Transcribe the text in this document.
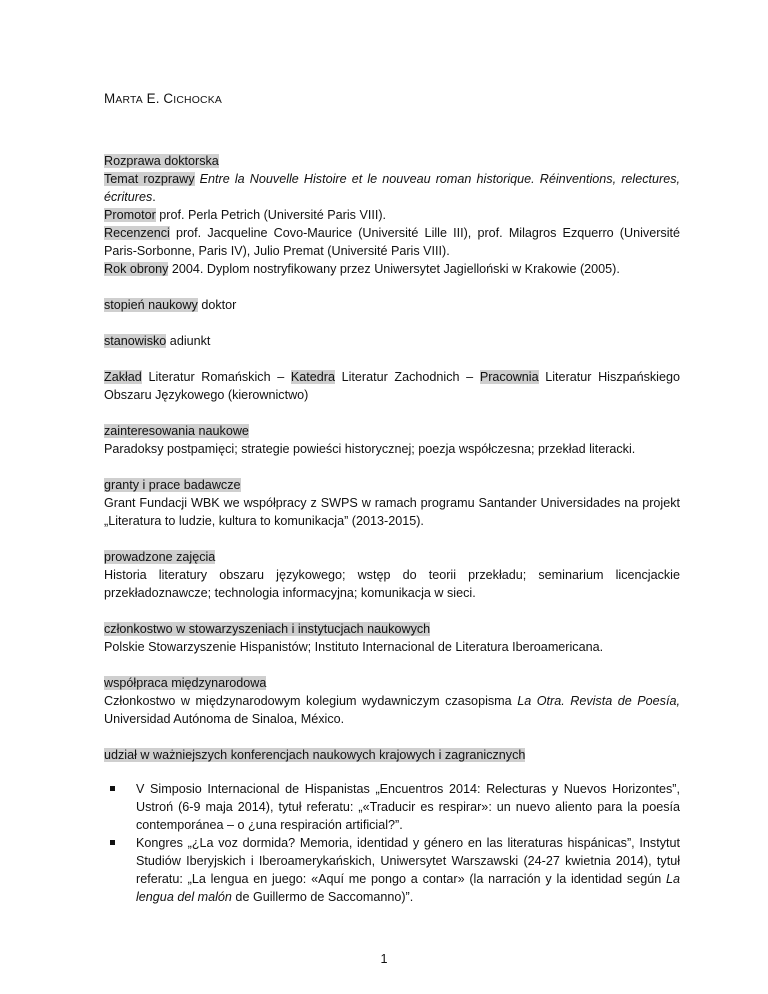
MARTA E. CICHOCKA

Rozprawa doktorska

Temat rozprawy Entre la Nouvelle Histoire et le nouveau roman historique. Réinventions, relectures, écritures.

Promotor prof. Perla Petrich (Université Paris VIII).

Recenzenci prof. Jacqueline Covo-Maurice (Université Lille III), prof. Milagros Ezquerro (Université Paris-Sorbonne, Paris IV), Julio Premat (Université Paris VIII).

Rok obrony 2004. Dyplom nostryfikowany przez Uniwersytet Jagielloński w Krakowie (2005).

stopień naukowy doktor

stanowisko adiunkt

Zakład Literatur Romańskich – Katedra Literatur Zachodnich – Pracownia Literatur Hiszpańskiego Obszaru Językowego (kierownictwo)

zainteresowania naukowe

Paradoksy postpamięci; strategie powieści historycznej; poezja współczesna; przekład literacki.

granty i prace badawcze

Grant Fundacji WBK we współpracy z SWPS w ramach programu Santander Universidades na projekt „Literatura to ludzie, kultura to komunikacja” (2013-2015).

prowadzone zajęcia

Historia literatury obszaru językowego; wstęp do teorii przekładu; seminarium licencjackie przekładoznawcze; technologia informacyjna; komunikacja w sieci.

członkostwo w stowarzyszeniach i instytucjach naukowych

Polskie Stowarzyszenie Hispanistów; Instituto Internacional de Literatura Iberoamericana.

współpraca międzynarodowa

Członkostwo w międzynarodowym kolegium wydawniczym czasopisma La Otra. Revista de Poesía, Universidad Autónoma de Sinaloa, México.

udział w ważniejszych konferencjach naukowych krajowych i zagranicznych

V Simposio Internacional de Hispanistas „Encuentros 2014: Relecturas y Nuevos Horizontes”, Ustroń (6-9 maja 2014), tytuł referatu: „«Traducir es respirar»: un nuevo aliento para la poesía contemporánea – o ¿una respiración artificial?”.
Kongres „¿La voz dormida? Memoria, identidad y género en las literaturas hispánicas”, Instytut Studiów Iberyjskich i Iberoamerykańskich, Uniwersytet Warszawski (24-27 kwietnia 2014), tytuł referatu: „La lengua en juego: «Aquí me pongo a contar» (la narración y la identidad según La lengua del malón de Guillermo de Saccomanno)”.
1
